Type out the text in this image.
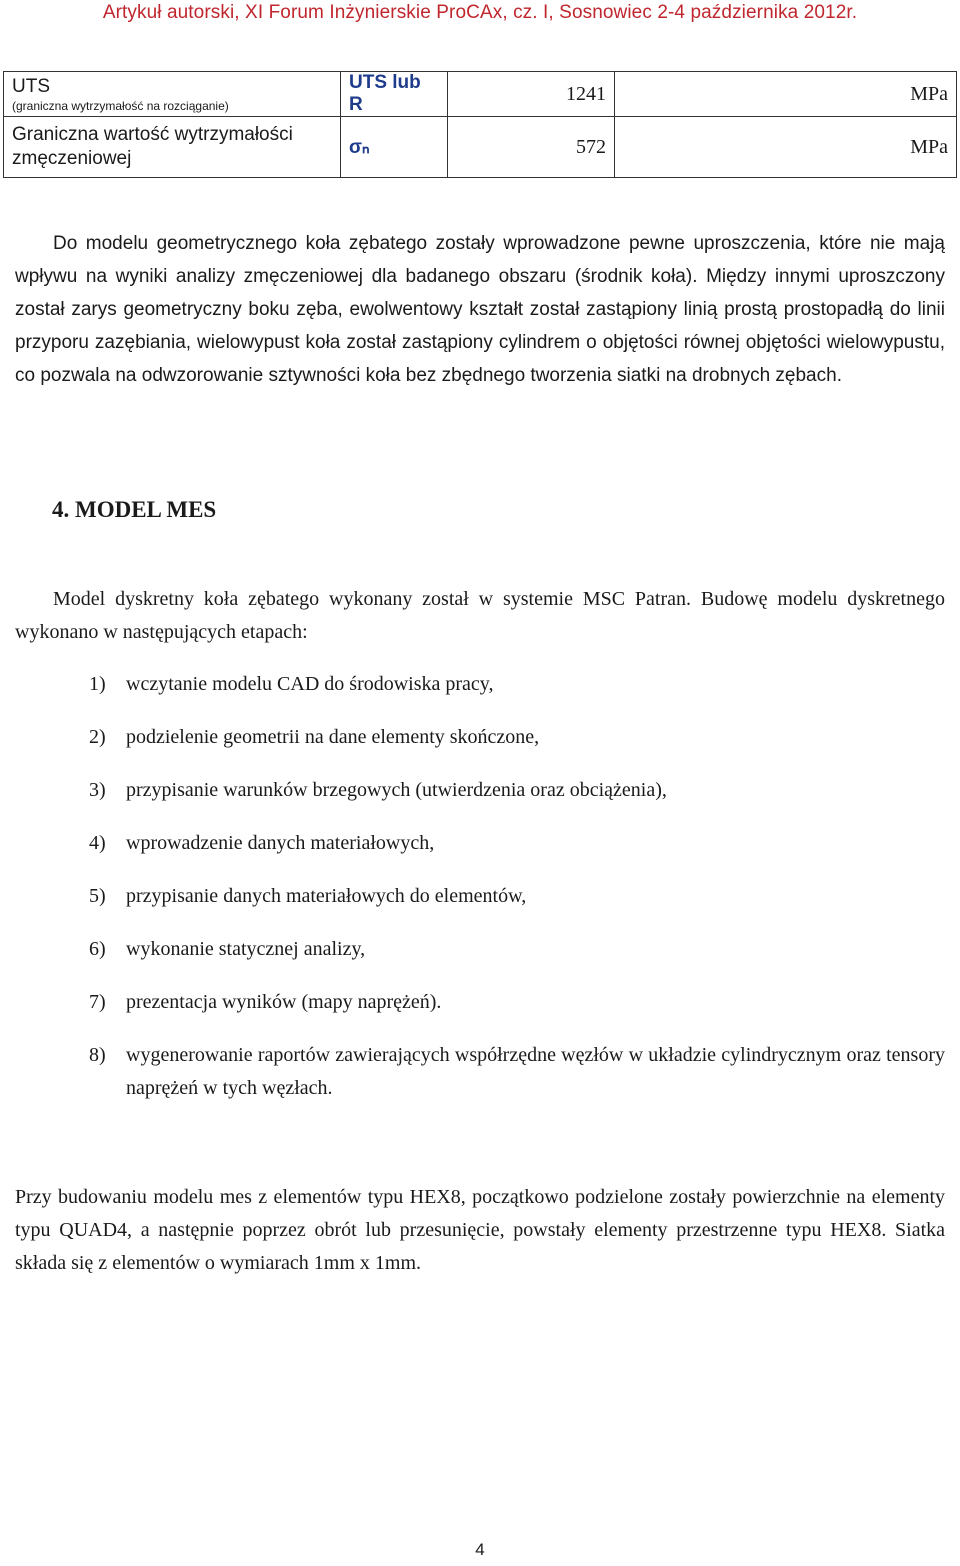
Artykuł autorski, XI Forum Inżynierskie ProCAx, cz. I, Sosnowiec 2-4 października 2012r.
UTS
(graniczna wytrzymałość na rozciąganie)	UTS lub R	1241	MPa
Graniczna wartość wytrzymałości zmęczeniowej	σₙ	572	MPa

Do modelu geometrycznego koła zębatego zostały wprowadzone pewne uproszczenia, które nie mają wpływu na wyniki analizy zmęczeniowej dla badanego obszaru (środnik koła). Między innymi uproszczony został zarys geometryczny boku zęba, ewolwentowy kształt został zastąpiony linią prostą prostopadłą do linii przyporu zazębiania, wielowypust koła został zastąpiony cylindrem o objętości równej objętości wielowypustu, co pozwala na odwzorowanie sztywności koła bez zbędnego tworzenia siatki na drobnych zębach.

4. MODEL MES

Model dyskretny koła zębatego wykonany został w systemie MSC Patran. Budowę modelu dyskretnego wykonano w następujących etapach:

1) wczytanie modelu CAD do środowiska pracy,
2) podzielenie geometrii na dane elementy skończone,
3) przypisanie warunków brzegowych (utwierdzenia oraz obciążenia),
4) wprowadzenie danych materiałowych,
5) przypisanie danych materiałowych do elementów,
6) wykonanie statycznej analizy,
7) prezentacja wyników (mapy naprężeń).
8) wygenerowanie raportów zawierających współrzędne węzłów w układzie cylindrycznym oraz tensory naprężeń w tych węzłach.

Przy budowaniu modelu mes z elementów typu HEX8, początkowo podzielone zostały powierzchnie na elementy typu QUAD4, a następnie poprzez obrót lub przesunięcie, powstały elementy przestrzenne typu HEX8. Siatka składa się z elementów o wymiarach 1mm x 1mm.

4
